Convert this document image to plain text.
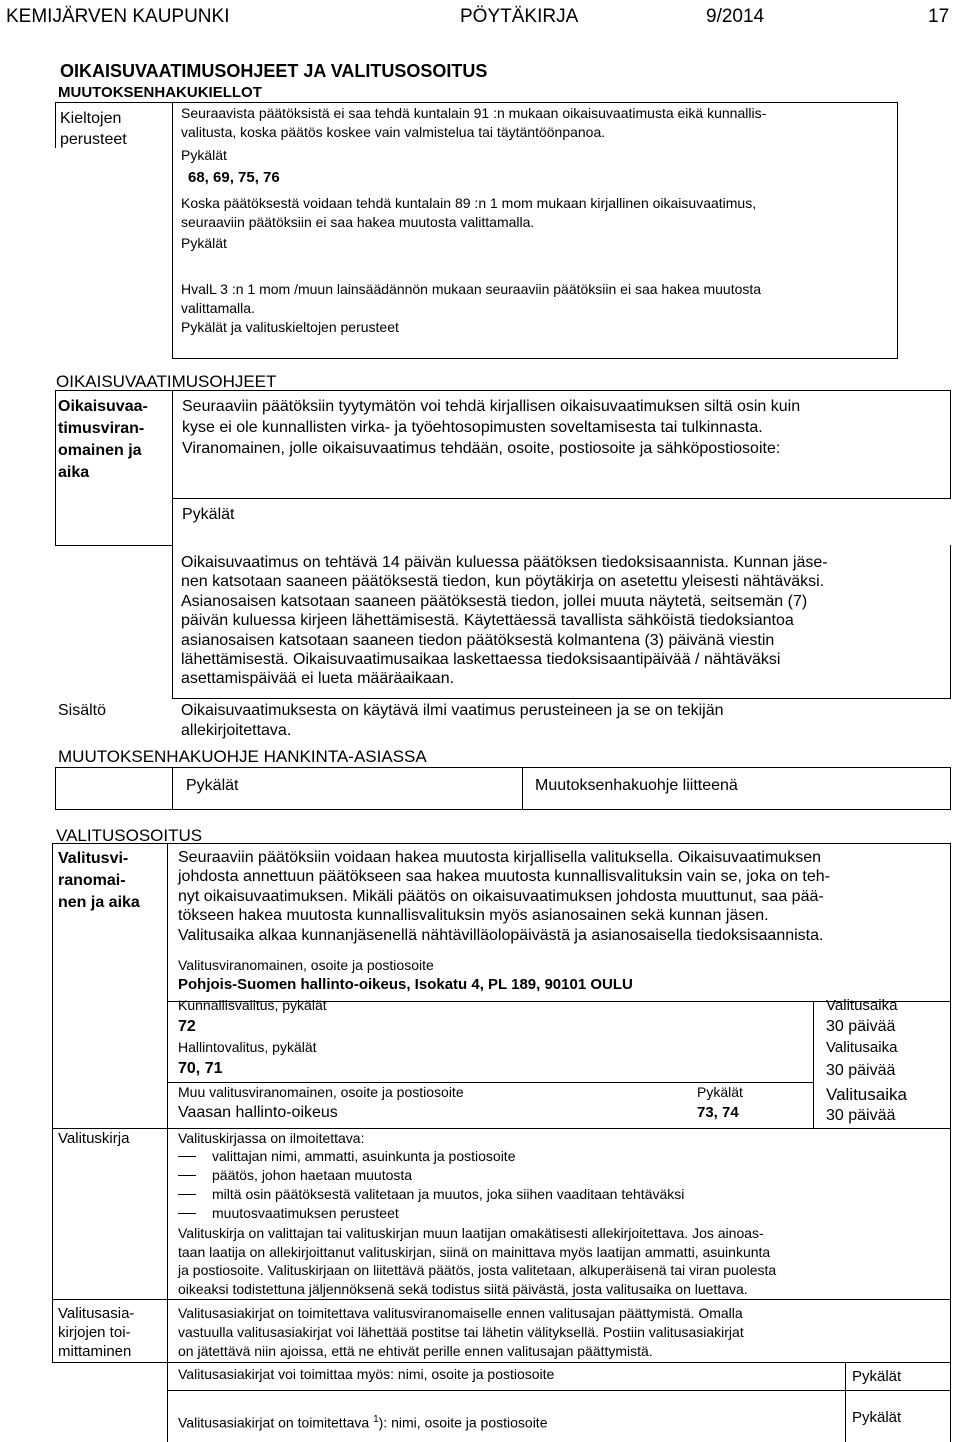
KEMIJÄRVEN KAUPUNKI	PÖYTÄKIRJA	9/2014	17
OIKAISUVAATIMUSOHJEET JA VALITUSOSOITUS
MUUTOKSENHAKUKIELLOT
Kieltojen
perusteet
Seuraavista päätöksistä ei saa tehdä kuntalain 91 :n mukaan oikaisuvaatimusta eikä kunnallis-
valitusta, koska päätös koskee vain valmistelua tai täytäntöönpanoa.
Pykälät
68, 69, 75, 76
Koska päätöksestä voidaan tehdä kuntalain 89 :n 1 mom mukaan kirjallinen oikaisuvaatimus,
seuraaviin päätöksiin ei saa hakea muutosta valittamalla.
Pykälät
HvalL 3 :n 1 mom /muun lainsäädännön mukaan seuraaviin päätöksiin ei saa hakea muutosta
valittamalla.
Pykälät ja valituskieltojen perusteet
OIKAISUVAATIMUSOHJEET
Oikaisuvaa-
timusviran-
omainen ja
aika
Seuraaviin päätöksiin tyytymätön voi tehdä kirjallisen oikaisuvaatimuksen siltä osin kuin
kyse ei ole kunnallisten virka- ja työehtosopimusten soveltamisesta tai tulkinnasta.
Viranomainen, jolle oikaisuvaatimus tehdään, osoite, postiosoite ja sähköpostiosoite:
Pykälät
Oikaisuvaatimus on tehtävä 14 päivän kuluessa päätöksen tiedoksisaannista. Kunnan jäse-
nen katsotaan saaneen päätöksestä tiedon, kun pöytäkirja on asetettu yleisesti nähtäväksi.
Asianosaisen katsotaan saaneen päätöksestä tiedon, jollei muuta näytetä, seitsemän (7)
päivän kuluessa kirjeen lähettämisestä. Käytettäessä tavallista sähköistä tiedoksiantoa
asianosaisen katsotaan saaneen tiedon päätöksestä kolmantena (3) päivänä viestin
lähettämisestä. Oikaisuvaatimusaikaa laskettaessa tiedoksisaantipäivää / nähtäväksi
asettamispäivää ei lueta määräaikaan.
Sisältö	Oikaisuvaatimuksesta on käytävä ilmi vaatimus perusteineen ja se on tekijän
allekirjoitettava.
MUUTOKSENHAKUOHJE HANKINTA-ASIASSA
Pykälät	Muutoksenhakuohje liitteenä
VALITUSOSOITUS
Valitusvi-
ranomai-
nen ja aika
Seuraaviin päätöksiin voidaan hakea muutosta kirjallisella valituksella. Oikaisuvaatimuksen
johdosta annettuun päätökseen saa hakea muutosta kunnallisvalituksin vain se, joka on teh-
nyt oikaisuvaatimuksen. Mikäli päätös on oikaisuvaatimuksen johdosta muuttunut, saa pää-
tökseen hakea muutosta kunnallisvalituksin myös asianosainen sekä kunnan jäsen.
Valitusaika alkaa kunnanjäsenellä nähtävilläolopäivästä ja asianosaisella tiedoksisaannista.
Valitusviranomainen, osoite ja postiosoite
Pohjois-Suomen hallinto-oikeus, Isokatu 4, PL 189, 90101 OULU
Kunnallisvalitus, pykälät
72
Valitusaika
30 päivää
Hallintovalitus, pykälät
70, 71
Valitusaika
30 päivää
Muu valitusviranomainen, osoite ja postiosoite	Pykälät
Vaasan hallinto-oikeus	73, 74
Valitusaika
30 päivää
Valituskirja	Valituskirjassa on ilmoitettava:
valittajan nimi, ammatti, asuinkunta ja postiosoite
päätös, johon haetaan muutosta
miltä osin päätöksestä valitetaan ja muutos, joka siihen vaaditaan tehtäväksi
muutosvaatimuksen perusteet
Valituskirja on valittajan tai valituskirjan muun laatijan omakätisesti allekirjoitettava. Jos ainoas-
taan laatija on allekirjoittanut valituskirjan, siinä on mainittava myös laatijan ammatti, asuinkunta
ja postiosoite. Valituskirjaan on liitettävä päätös, josta valitetaan, alkuperäisenä tai viran puolesta
oikeaksi todistettuna jäljennöksenä sekä todistus siitä päivästä, josta valitusaika on luettava.
Valitusasia-
kirjojen toi-
mittaminen
Valitusasiakirjat on toimitettava valitusviranomaiselle ennen valitusajan päättymistä. Omalla
vastuulla valitusasiakirjat voi lähettää postitse tai lähetin välityksellä. Postiin valitusasiakirjat
on jätettävä niin ajoissa, että ne ehtivät perille ennen valitusajan päättymistä.
Valitusasiakirjat voi toimittaa myös: nimi, osoite ja postiosoite	Pykälät
Valitusasiakirjat on toimitettava $^1$): nimi, osoite ja postiosoite	Pykälät
